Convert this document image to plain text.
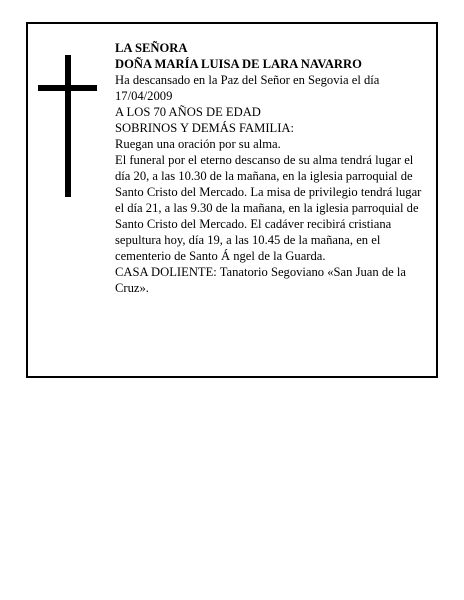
LA SEÑORA

DOÑA MARÍA LUISA DE LARA NAVARRO

Ha descansado en la Paz del Señor en Segovia el día 17/04/2009

A LOS 70 AÑOS DE EDAD

SOBRINOS Y DEMÁS FAMILIA:

Ruegan una oración por su alma.

El funeral por el eterno descanso de su alma tendrá lugar el día 20, a las 10.30 de la mañana, en la iglesia parroquial de Santo Cristo del Mercado. La misa de privilegio tendrá lugar el día 21, a las 9.30 de la mañana, en la iglesia parroquial de Santo Cristo del Mercado. El cadáver recibirá cristiana sepultura hoy, día 19, a las 10.45 de la mañana, en el cementerio de Santo Á ngel de la Guarda.

CASA DOLIENTE: Tanatorio Segoviano «San Juan de la Cruz».
